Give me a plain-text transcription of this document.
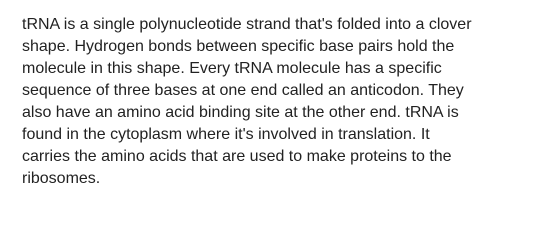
tRNA is a single polynucleotide strand that's folded into a clover
shape. Hydrogen bonds between specific base pairs hold the
molecule in this shape. Every tRNA molecule has a specific
sequence of three bases at one end called an anticodon. They
also have an amino acid binding site at the other end. tRNA is
found in the cytoplasm where it's involved in translation. It
carries the amino acids that are used to make proteins to the
ribosomes.
